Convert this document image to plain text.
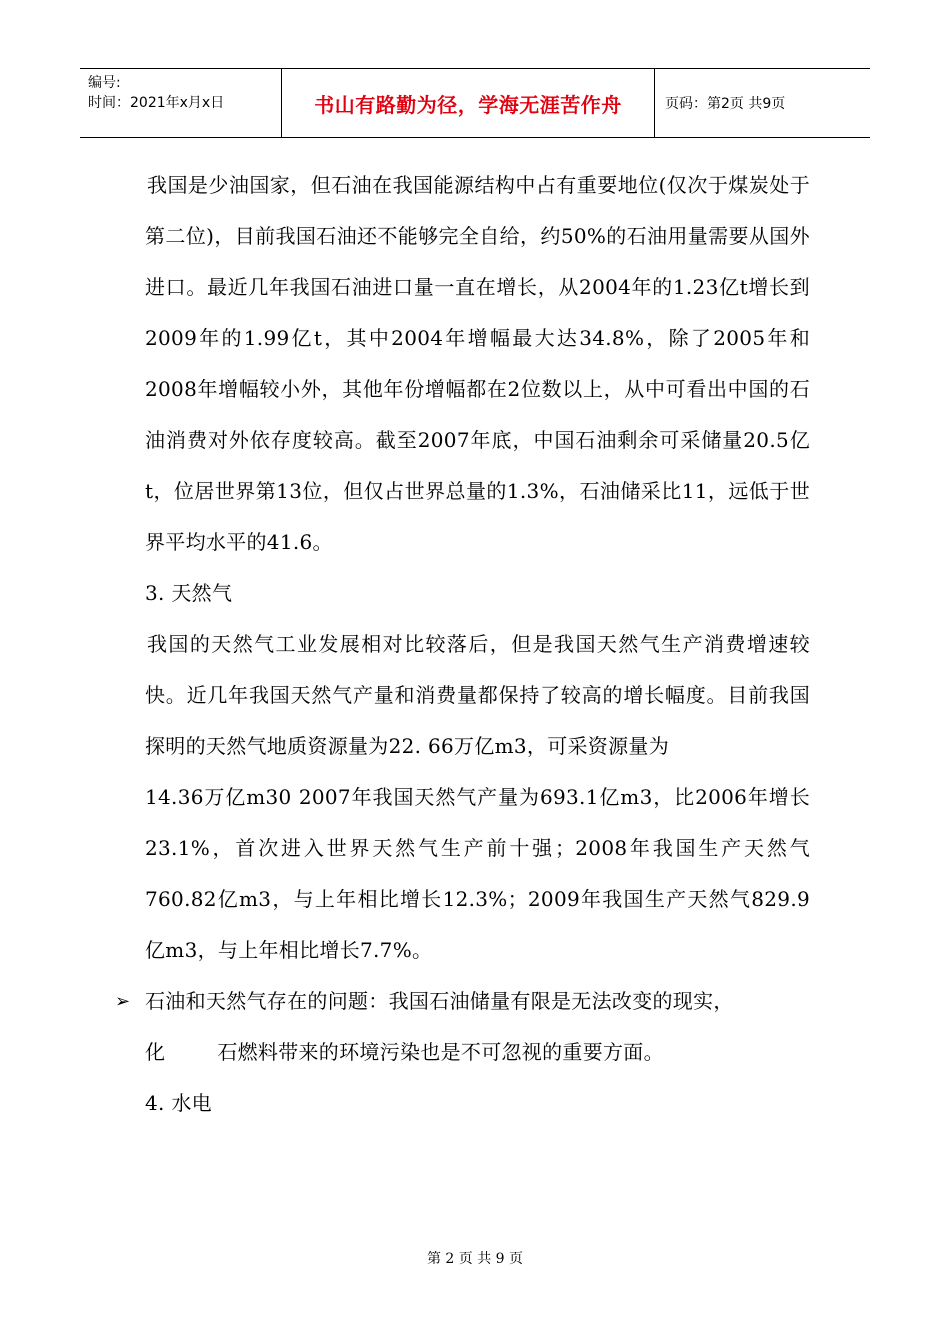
编号:
时间：2021年x月x日	书山有路勤为径，学海无涯苦作舟	页码：第2页 共9页

我国是少油国家，但石油在我国能源结构中占有重要地位(仅次于煤炭处于第二位)，目前我国石油还不能够完全自给，约50%的石油用量需要从国外进口。最近几年我国石油进口量一直在增长，从2004年的1.23亿t增长到2009年的1.99亿t，其中2004年增幅最大达34.8%，除了2005年和2008年增幅较小外，其他年份增幅都在2位数以上，从中可看出中国的石油消费对外依存度较高。截至2007年底，中国石油剩余可采储量20.5亿t，位居世界第13位，但仅占世界总量的1.3%，石油储采比11，远低于世界平均水平的41.6。

3. 天然气

我国的天然气工业发展相对比较落后，但是我国天然气生产消费增速较快。近几年我国天然气产量和消费量都保持了较高的增长幅度。目前我国探明的天然气地质资源量为22. 66万亿m3，可采资源量为

14.36万亿m30 2007年我国天然气产量为693.1亿m3，比2006年增长23.1%，首次进入世界天然气生产前十强；2008年我国生产天然气760.82亿m3，与上年相比增长12.3%；2009年我国生产天然气829.9亿m3，与上年相比增长7.7%。

➢ 石油和天然气存在的问题：我国石油储量有限是无法改变的现实，

化	石燃料带来的环境污染也是不可忽视的重要方面。

4. 水电

第 2 页 共 9 页
